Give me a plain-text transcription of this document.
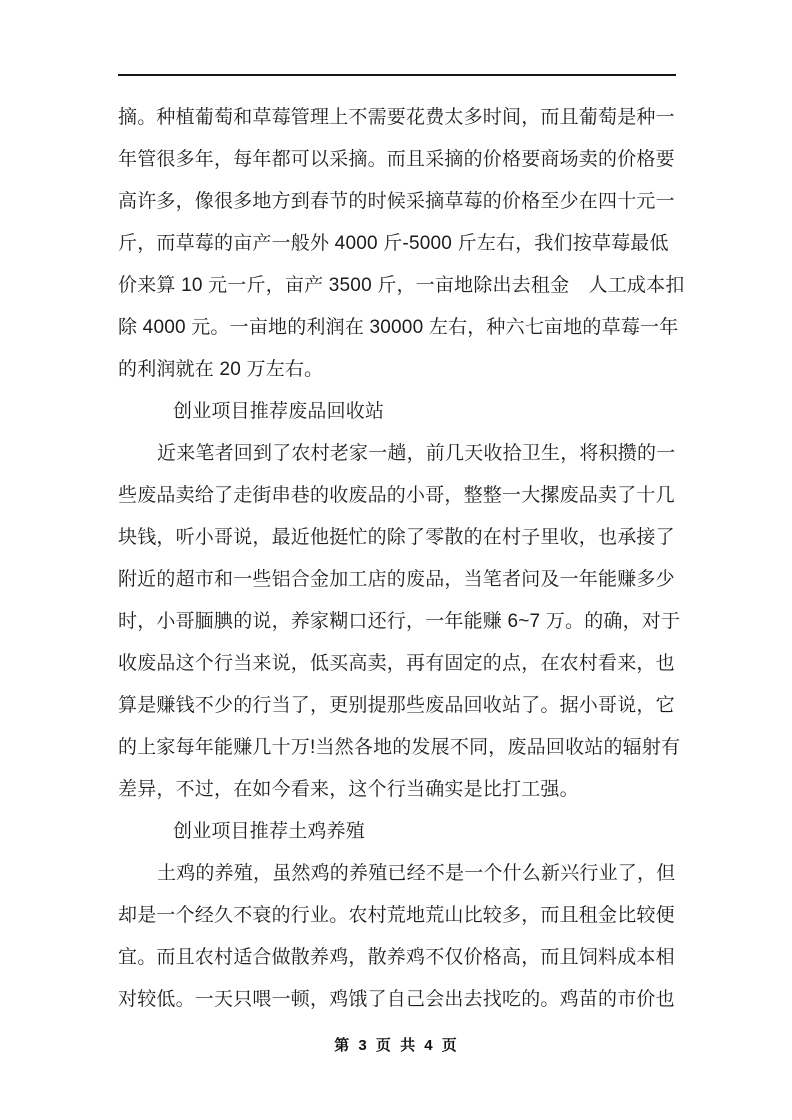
摘。种植葡萄和草莓管理上不需要花费太多时间，而且葡萄是种一
年管很多年，每年都可以采摘。而且采摘的价格要商场卖的价格要
高许多，像很多地方到春节的时候采摘草莓的价格至少在四十元一
斤，而草莓的亩产一般外 4000 斤-5000 斤左右，我们按草莓最低
价来算 10 元一斤，亩产 3500 斤，一亩地除出去租金　人工成本扣
除 4000 元。一亩地的利润在 30000 左右，种六七亩地的草莓一年
的利润就在 20 万左右。
创业项目推荐废品回收站
近来笔者回到了农村老家一趟，前几天收拾卫生，将积攒的一
些废品卖给了走街串巷的收废品的小哥，整整一大摞废品卖了十几
块钱，听小哥说，最近他挺忙的除了零散的在村子里收，也承接了
附近的超市和一些铝合金加工店的废品，当笔者问及一年能赚多少
时，小哥腼腆的说，养家糊口还行，一年能赚 6~7 万。的确，对于
收废品这个行当来说，低买高卖，再有固定的点，在农村看来，也
算是赚钱不少的行当了，更别提那些废品回收站了。据小哥说，它
的上家每年能赚几十万!当然各地的发展不同，废品回收站的辐射有
差异，不过，在如今看来，这个行当确实是比打工强。
创业项目推荐土鸡养殖
土鸡的养殖，虽然鸡的养殖已经不是一个什么新兴行业了，但
却是一个经久不衰的行业。农村荒地荒山比较多，而且租金比较便
宜。而且农村适合做散养鸡，散养鸡不仅价格高，而且饲料成本相
对较低。一天只喂一顿，鸡饿了自己会出去找吃的。鸡苗的市价也
第 3 页 共 4 页
